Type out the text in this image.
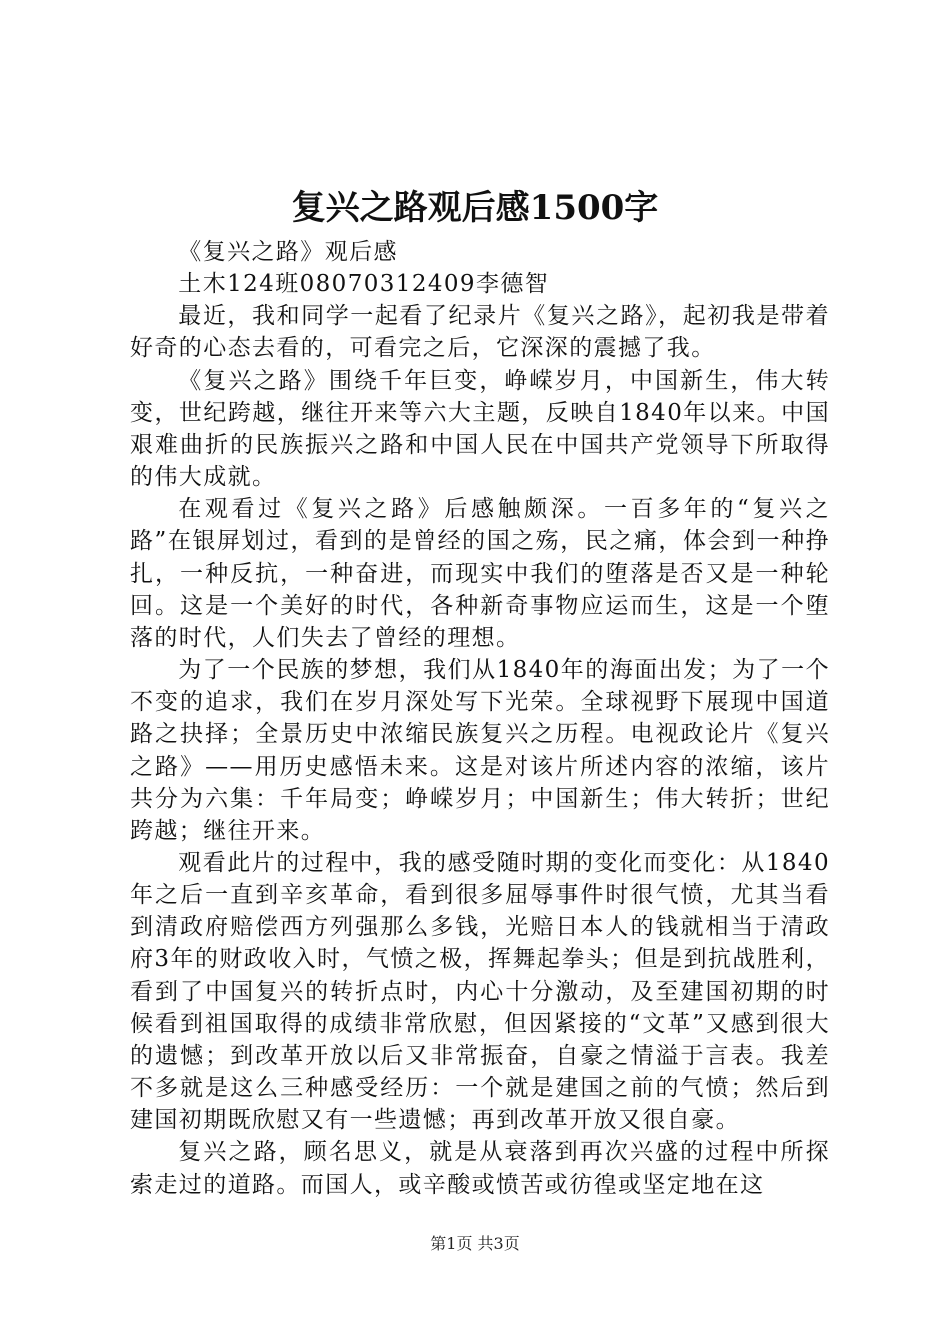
复兴之路观后感1500字

《复兴之路》观后感

土木124班08070312409李德智

最近，我和同学一起看了纪录片《复兴之路》，起初我是带着好奇的心态去看的，可看完之后，它深深的震撼了我。

《复兴之路》围绕千年巨变，峥嵘岁月，中国新生，伟大转变，世纪跨越，继往开来等六大主题，反映自1840年以来。中国艰难曲折的民族振兴之路和中国人民在中国共产党领导下所取得的伟大成就。

在观看过《复兴之路》后感触颇深。一百多年的“复兴之路”在银屏划过，看到的是曾经的国之殇，民之痛，体会到一种挣扎，一种反抗，一种奋进，而现实中我们的堕落是否又是一种轮回。这是一个美好的时代，各种新奇事物应运而生，这是一个堕落的时代，人们失去了曾经的理想。

为了一个民族的梦想，我们从1840年的海面出发；为了一个不变的追求，我们在岁月深处写下光荣。全球视野下展现中国道路之抉择；全景历史中浓缩民族复兴之历程。电视政论片《复兴之路》——用历史感悟未来。这是对该片所述内容的浓缩，该片共分为六集：千年局变；峥嵘岁月；中国新生；伟大转折；世纪跨越；继往开来。

观看此片的过程中，我的感受随时期的变化而变化：从1840年之后一直到辛亥革命，看到很多屈辱事件时很气愤，尤其当看到清政府赔偿西方列强那么多钱，光赔日本人的钱就相当于清政府3年的财政收入时，气愤之极，挥舞起拳头；但是到抗战胜利，看到了中国复兴的转折点时，内心十分激动，及至建国初期的时候看到祖国取得的成绩非常欣慰，但因紧接的“文革”又感到很大的遗憾；到改革开放以后又非常振奋，自豪之情溢于言表。我差不多就是这么三种感受经历：一个就是建国之前的气愤；然后到建国初期既欣慰又有一些遗憾；再到改革开放又很自豪。

复兴之路，顾名思义，就是从衰落到再次兴盛的过程中所探索走过的道路。而国人，或辛酸或愤苦或彷徨或坚定地在这

第1页 共3页
